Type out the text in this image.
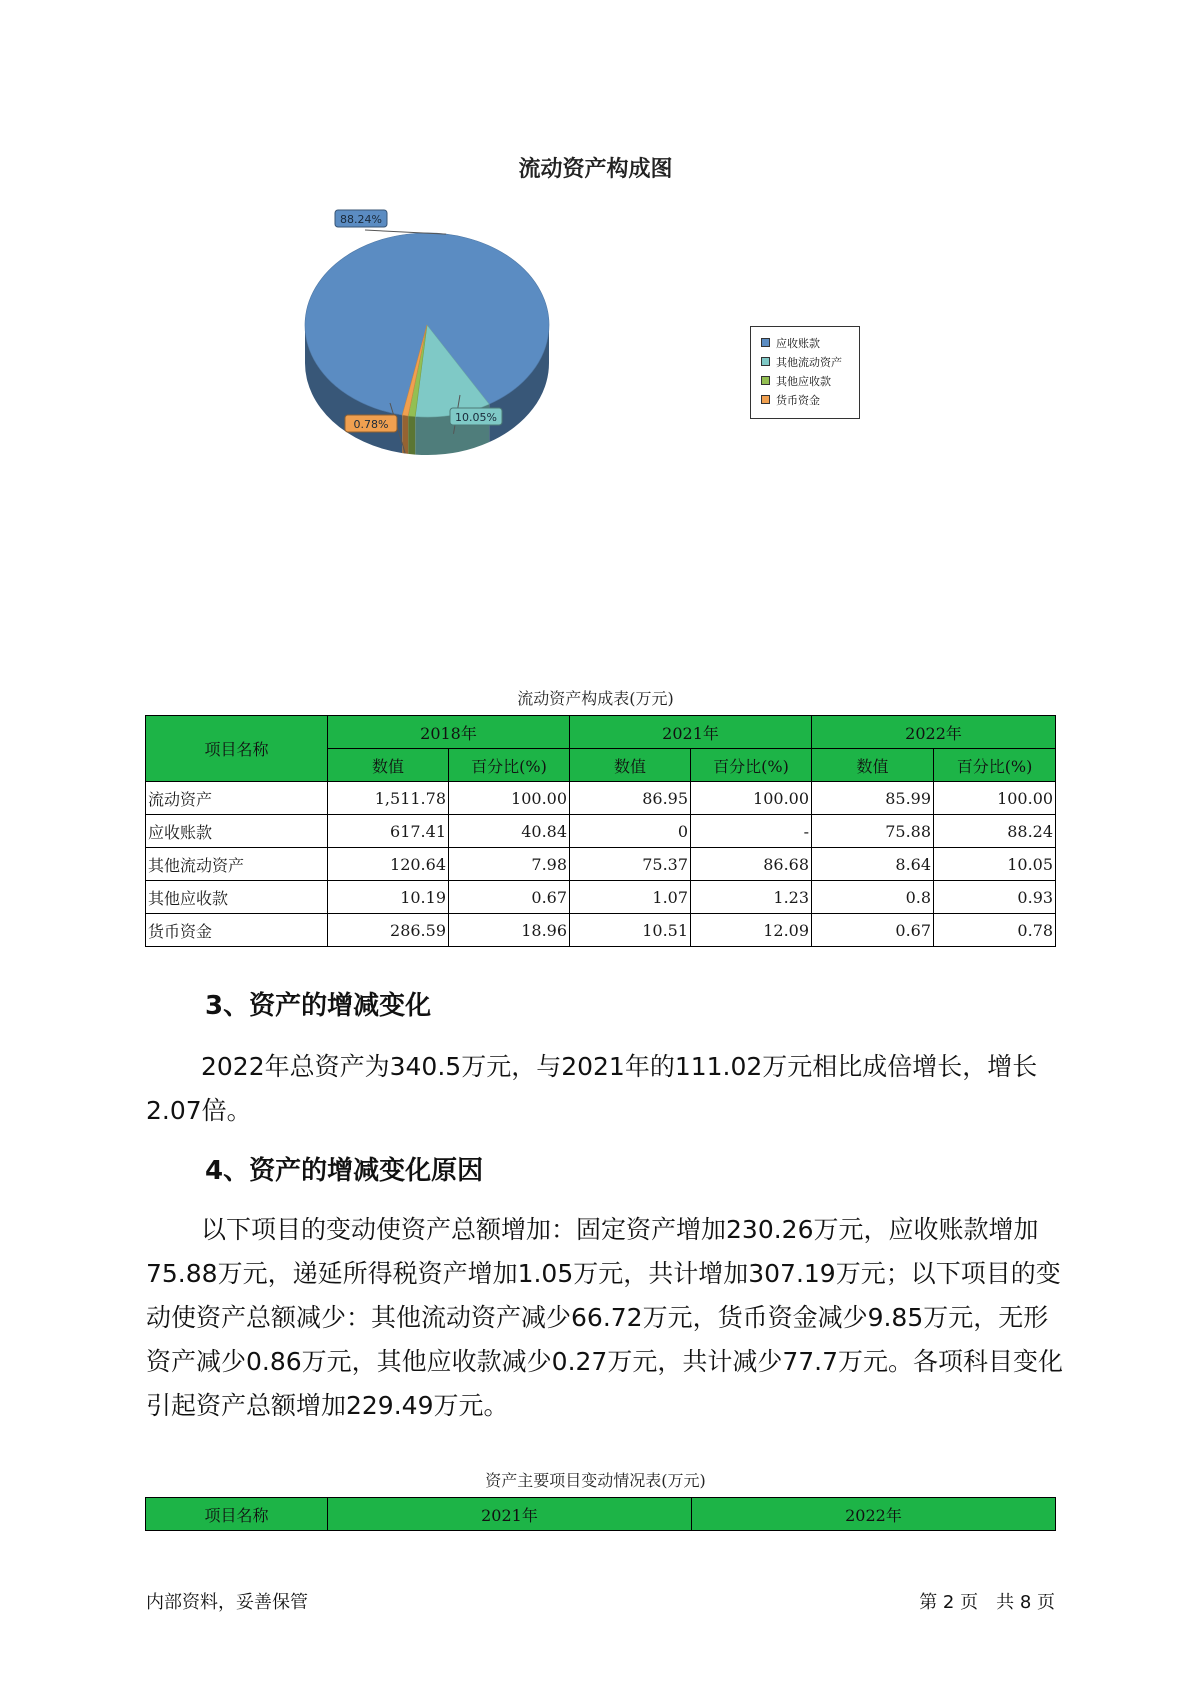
流动资产构成图
88.24%
10.05%
0.78%
应收账款
其他流动资产
其他应收款
货币资金
流动资产构成表(万元)
项目名称	2018年		2021年		2022年	
	数值	百分比(%)	数值	百分比(%)	数值	百分比(%)
流动资产	1,511.78	100.00	86.95	100.00	85.99	100.00
应收账款	617.41	40.84	0	-	75.88	88.24
其他流动资产	120.64	7.98	75.37	86.68	8.64	10.05
其他应收款	10.19	0.67	1.07	1.23	0.8	0.93
货币资金	286.59	18.96	10.51	12.09	0.67	0.78
3、资产的增减变化
2022年总资产为340.5万元，与2021年的111.02万元相比成倍增长，增长2.07倍。
4、资产的增减变化原因
以下项目的变动使资产总额增加：固定资产增加230.26万元，应收账款增加75.88万元，递延所得税资产增加1.05万元，共计增加307.19万元；以下项目的变动使资产总额减少：其他流动资产减少66.72万元，货币资金减少9.85万元，无形资产减少0.86万元，其他应收款减少0.27万元，共计减少77.7万元。各项科目变化引起资产总额增加229.49万元。
资产主要项目变动情况表(万元)
项目名称	2021年	2022年
内部资料，妥善保管	第 2 页　共 8 页
